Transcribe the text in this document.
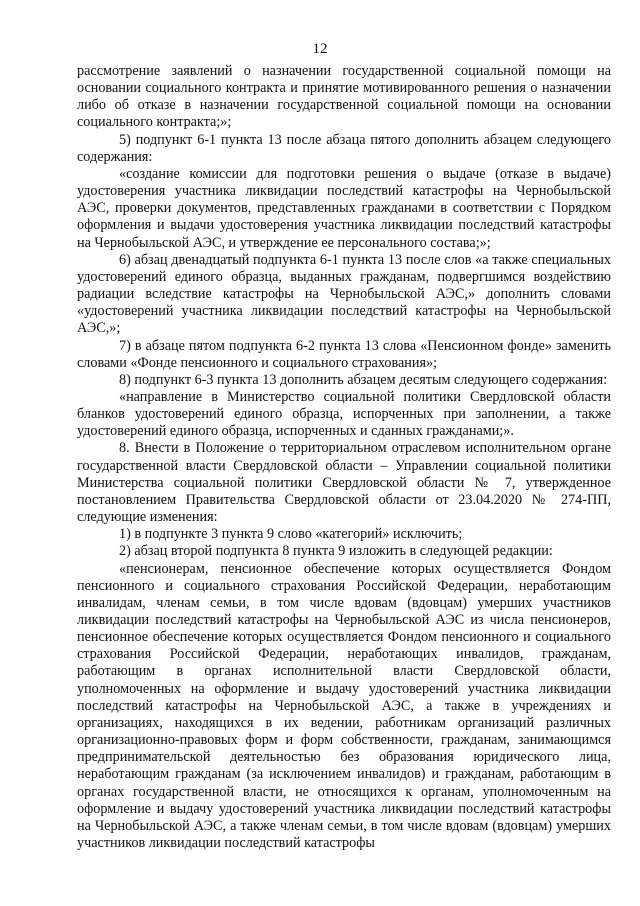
12

рассмотрение заявлений о назначении государственной социальной помощи на основании социального контракта и принятие мотивированного решения о назначении либо об отказе в назначении государственной социальной помощи на основании социального контракта;»;

5) подпункт 6-1 пункта 13 после абзаца пятого дополнить абзацем следующего содержания:

«создание комиссии для подготовки решения о выдаче (отказе в выдаче) удостоверения участника ликвидации последствий катастрофы на Чернобыльской АЭС, проверки документов, представленных гражданами в соответствии с Порядком оформления и выдачи удостоверения участника ликвидации последствий катастрофы на Чернобыльской АЭС, и утверждение ее персонального состава;»;

6) абзац двенадцатый подпункта 6-1 пункта 13 после слов «а также специальных удостоверений единого образца, выданных гражданам, подвергшимся воздействию радиации вследствие катастрофы на Чернобыльской АЭС,» дополнить словами «удостоверений участника ликвидации последствий катастрофы на Чернобыльской АЭС,»;

7) в абзаце пятом подпункта 6-2 пункта 13 слова «Пенсионном фонде» заменить словами «Фонде пенсионного и социального страхования»;

8) подпункт 6-3 пункта 13 дополнить абзацем десятым следующего содержания:

«направление в Министерство социальной политики Свердловской области бланков удостоверений единого образца, испорченных при заполнении, а также удостоверений единого образца, испорченных и сданных гражданами;».

8. Внести в Положение о территориальном отраслевом исполнительном органе государственной власти Свердловской области – Управлении социальной политики Министерства социальной политики Свердловской области № 7, утвержденное постановлением Правительства Свердловской области от 23.04.2020 № 274-ПП, следующие изменения:

1) в подпункте 3 пункта 9 слово «категорий» исключить;

2) абзац второй подпункта 8 пункта 9 изложить в следующей редакции:

«пенсионерам, пенсионное обеспечение которых осуществляется Фондом пенсионного и социального страхования Российской Федерации, неработающим инвалидам, членам семьи, в том числе вдовам (вдовцам) умерших участников ликвидации последствий катастрофы на Чернобыльской АЭС из числа пенсионеров, пенсионное обеспечение которых осуществляется Фондом пенсионного и социального страхования Российской Федерации, неработающих инвалидов, гражданам, работающим в органах исполнительной власти Свердловской области, уполномоченных на оформление и выдачу удостоверений участника ликвидации последствий катастрофы на Чернобыльской АЭС, а также в учреждениях и организациях, находящихся в их ведении, работникам организаций различных организационно-правовых форм и форм собственности, гражданам, занимающимся предпринимательской деятельностью без образования юридического лица, неработающим гражданам (за исключением инвалидов) и гражданам, работающим в органах государственной власти, не относящихся к органам, уполномоченным на оформление и выдачу удостоверений участника ликвидации последствий катастрофы на Чернобыльской АЭС, а также членам семьи, в том числе вдовам (вдовцам) умерших участников ликвидации последствий катастрофы
